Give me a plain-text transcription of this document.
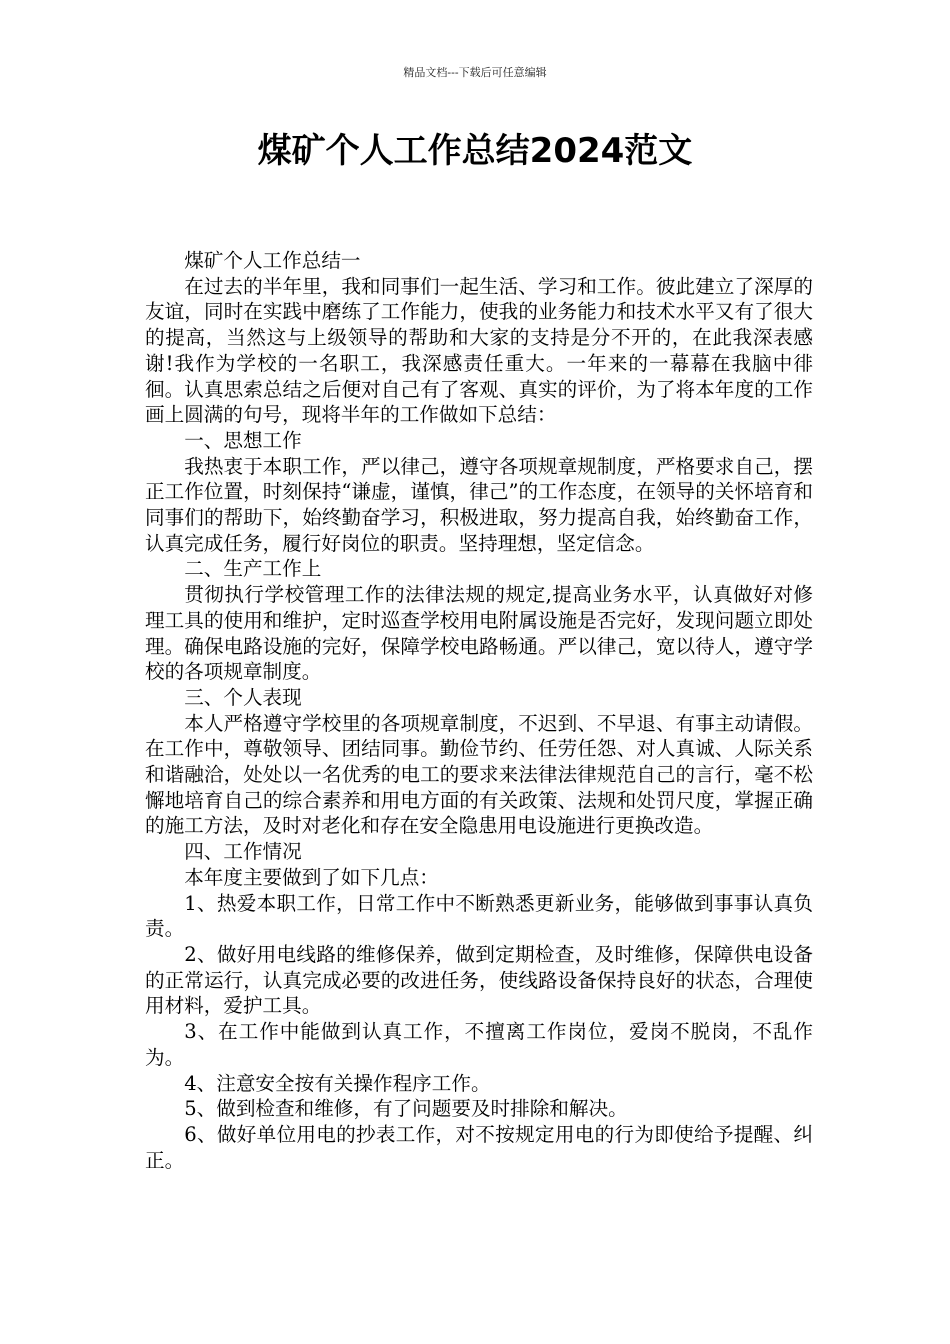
精品文档---下载后可任意编辑
煤矿个人工作总结2024范文

煤矿个人工作总结一

在过去的半年里，我和同事们一起生活、学习和工作。彼此建立了深厚的友谊，同时在实践中磨练了工作能力，使我的业务能力和技术水平又有了很大的提高，当然这与上级领导的帮助和大家的支持是分不开的，在此我深表感谢!我作为学校的一名职工，我深感责任重大。一年来的一幕幕在我脑中徘徊。认真思索总结之后便对自己有了客观、真实的评价，为了将本年度的工作画上圆满的句号，现将半年的工作做如下总结：

一、思想工作

我热衷于本职工作，严以律己，遵守各项规章规制度，严格要求自己，摆正工作位置，时刻保持“谦虚，谨慎，律己”的工作态度，在领导的关怀培育和同事们的帮助下，始终勤奋学习，积极进取，努力提高自我，始终勤奋工作，认真完成任务，履行好岗位的职责。坚持理想，坚定信念。

二、生产工作上

贯彻执行学校管理工作的法律法规的规定,提高业务水平，认真做好对修理工具的使用和维护，定时巡查学校用电附属设施是否完好，发现问题立即处理。确保电路设施的完好，保障学校电路畅通。严以律己，宽以待人，遵守学校的各项规章制度。

三、个人表现

本人严格遵守学校里的各项规章制度，不迟到、不早退、有事主动请假。在工作中，尊敬领导、团结同事。勤俭节约、任劳任怨、对人真诚、人际关系和谐融洽，处处以一名优秀的电工的要求来法律法律规范自己的言行，毫不松懈地培育自己的综合素养和用电方面的有关政策、法规和处罚尺度，掌握正确的施工方法，及时对老化和存在安全隐患用电设施进行更换改造。

四、工作情况

本年度主要做到了如下几点：

1、热爱本职工作，日常工作中不断熟悉更新业务，能够做到事事认真负责。

2、做好用电线路的维修保养，做到定期检查，及时维修，保障供电设备的正常运行，认真完成必要的改进任务，使线路设备保持良好的状态，合理使用材料，爱护工具。

3、在工作中能做到认真工作，不擅离工作岗位，爱岗不脱岗，不乱作为。

4、注意安全按有关操作程序工作。

5、做到检查和维修，有了问题要及时排除和解决。

6、做好单位用电的抄表工作，对不按规定用电的行为即使给予提醒、纠正。
